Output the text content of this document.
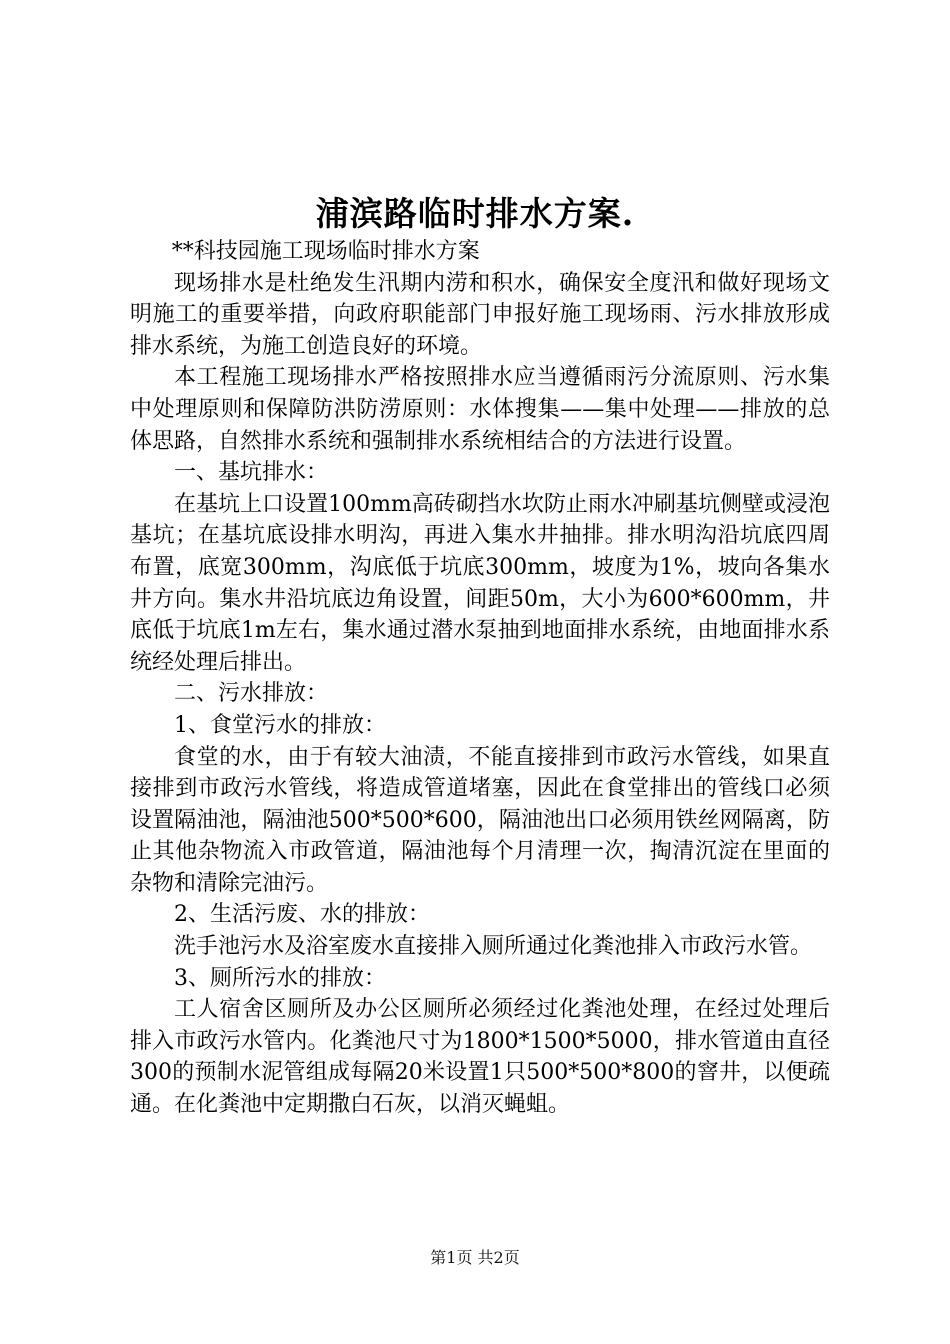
浦滨路临时排水方案.

**科技园施工现场临时排水方案

现场排水是杜绝发生汛期内涝和积水，确保安全度汛和做好现场文明施工的重要举措，向政府职能部门申报好施工现场雨、污水排放形成排水系统，为施工创造良好的环境。

本工程施工现场排水严格按照排水应当遵循雨污分流原则、污水集中处理原则和保障防洪防涝原则：水体搜集——集中处理——排放的总体思路，自然排水系统和强制排水系统相结合的方法进行设置。

一、基坑排水：

在基坑上口设置100mm高砖砌挡水坎防止雨水冲刷基坑侧壁或浸泡基坑；在基坑底设排水明沟，再进入集水井抽排。排水明沟沿坑底四周布置，底宽300mm，沟底低于坑底300mm，坡度为1%，坡向各集水井方向。集水井沿坑底边角设置，间距50m，大小为600*600mm，井底低于坑底1m左右，集水通过潜水泵抽到地面排水系统，由地面排水系统经处理后排出。

二、污水排放：

1、食堂污水的排放：

食堂的水，由于有较大油渍，不能直接排到市政污水管线，如果直接排到市政污水管线，将造成管道堵塞，因此在食堂排出的管线口必须设置隔油池，隔油池500*500*600，隔油池出口必须用铁丝网隔离，防止其他杂物流入市政管道，隔油池每个月清理一次，掏清沉淀在里面的杂物和清除完油污。

2、生活污废、水的排放：

洗手池污水及浴室废水直接排入厕所通过化粪池排入市政污水管。

3、厕所污水的排放：

工人宿舍区厕所及办公区厕所必须经过化粪池处理，在经过处理后排入市政污水管内。化粪池尺寸为1800*1500*5000，排水管道由直径300的预制水泥管组成每隔20米设置1只500*500*800的窨井，以便疏通。在化粪池中定期撒白石灰，以消灭蝇蛆。

第1页 共2页
